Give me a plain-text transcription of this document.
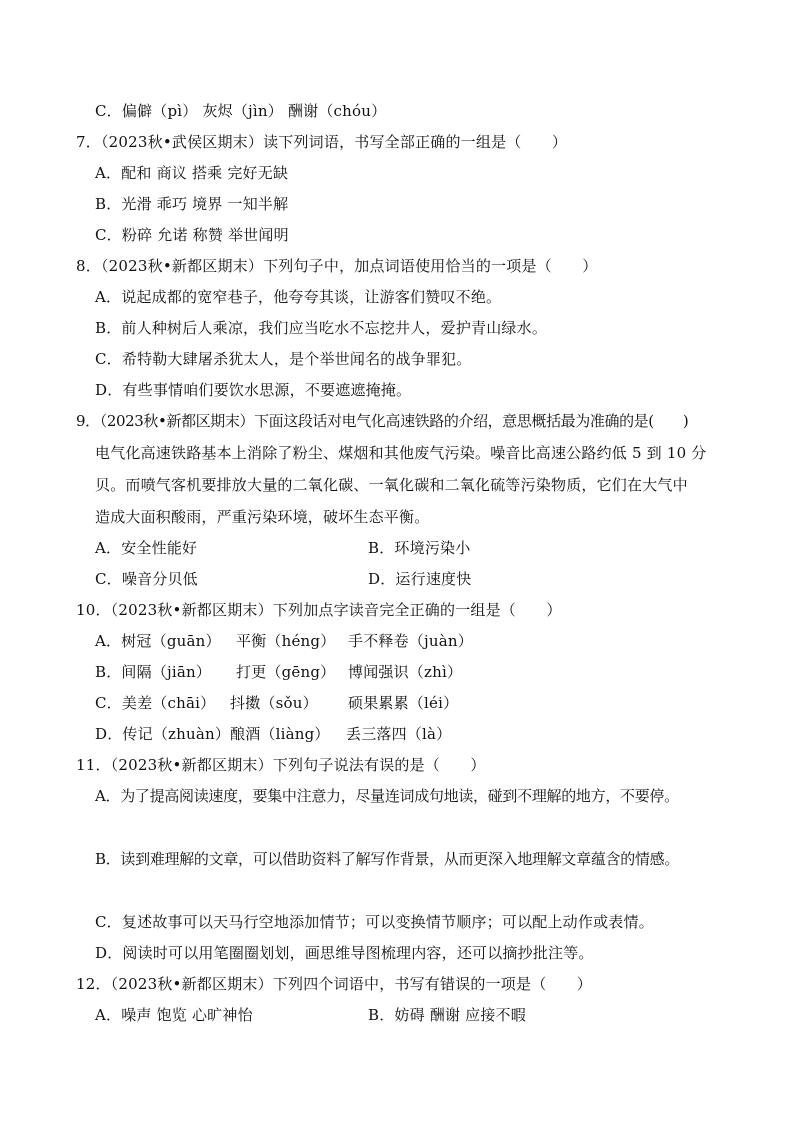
C．偏僻（pì） 灰烬（jìn） 酬谢（chóu）
7．（2023秋•武侯区期末）读下列词语，书写全部正确的一组是（　　）
A．配和 商议 搭乘 完好无缺
B．光滑 乖巧 境界 一知半解
C．粉碎 允诺 称赞 举世闻明
8．（2023秋•新都区期末）下列句子中，加点词语使用恰当的一项是（　　）
A．说起成都的宽窄巷子，他夸夸其谈，让游客们赞叹不绝。
B．前人种树后人乘凉，我们应当吃水不忘挖井人，爱护青山绿水。
C．希特勒大肆屠杀犹太人，是个举世闻名的战争罪犯。
D．有些事情咱们要饮水思源，不要遮遮掩掩。
9．（2023秋•新都区期末）下面这段话对电气化高速铁路的介绍，意思概括最为准确的是(　　)
电气化高速铁路基本上消除了粉尘、煤烟和其他废气污染。噪音比高速公路约低 5 到 10 分
贝。而喷气客机要排放大量的二氧化碳、一氧化碳和二氧化硫等污染物质，它们在大气中
造成大面积酸雨，严重污染环境，破坏生态平衡。
A．安全性能好	B．环境污染小
C．噪音分贝低	D．运行速度快
10．（2023秋•新都区期末）下列加点字读音完全正确的一组是（　　）
A．树冠（guān） 平衡（héng） 手不释卷（juàn）
B．间隔（jiān） 打更（gēng） 博闻强识（zhì）
C．美差（chāi） 抖擞（sǒu） 硕果累累（léi）
D．传记（zhuàn） 酿酒（liàng） 丢三落四（là）
11．（2023秋•新都区期末）下列句子说法有误的是（　　）
A．为了提高阅读速度，要集中注意力，尽量连词成句地读，碰到不理解的地方，不要停。
B．读到难理解的文章，可以借助资料了解写作背景，从而更深入地理解文章蕴含的情感。
C．复述故事可以天马行空地添加情节；可以变换情节顺序；可以配上动作或表情。
D．阅读时可以用笔圈圈划划，画思维导图梳理内容，还可以摘抄批注等。
12．（2023秋•新都区期末）下列四个词语中，书写有错误的一项是（　　）
A．噪声 饱览 心旷神怡	B．妨碍 酬谢 应接不暇
